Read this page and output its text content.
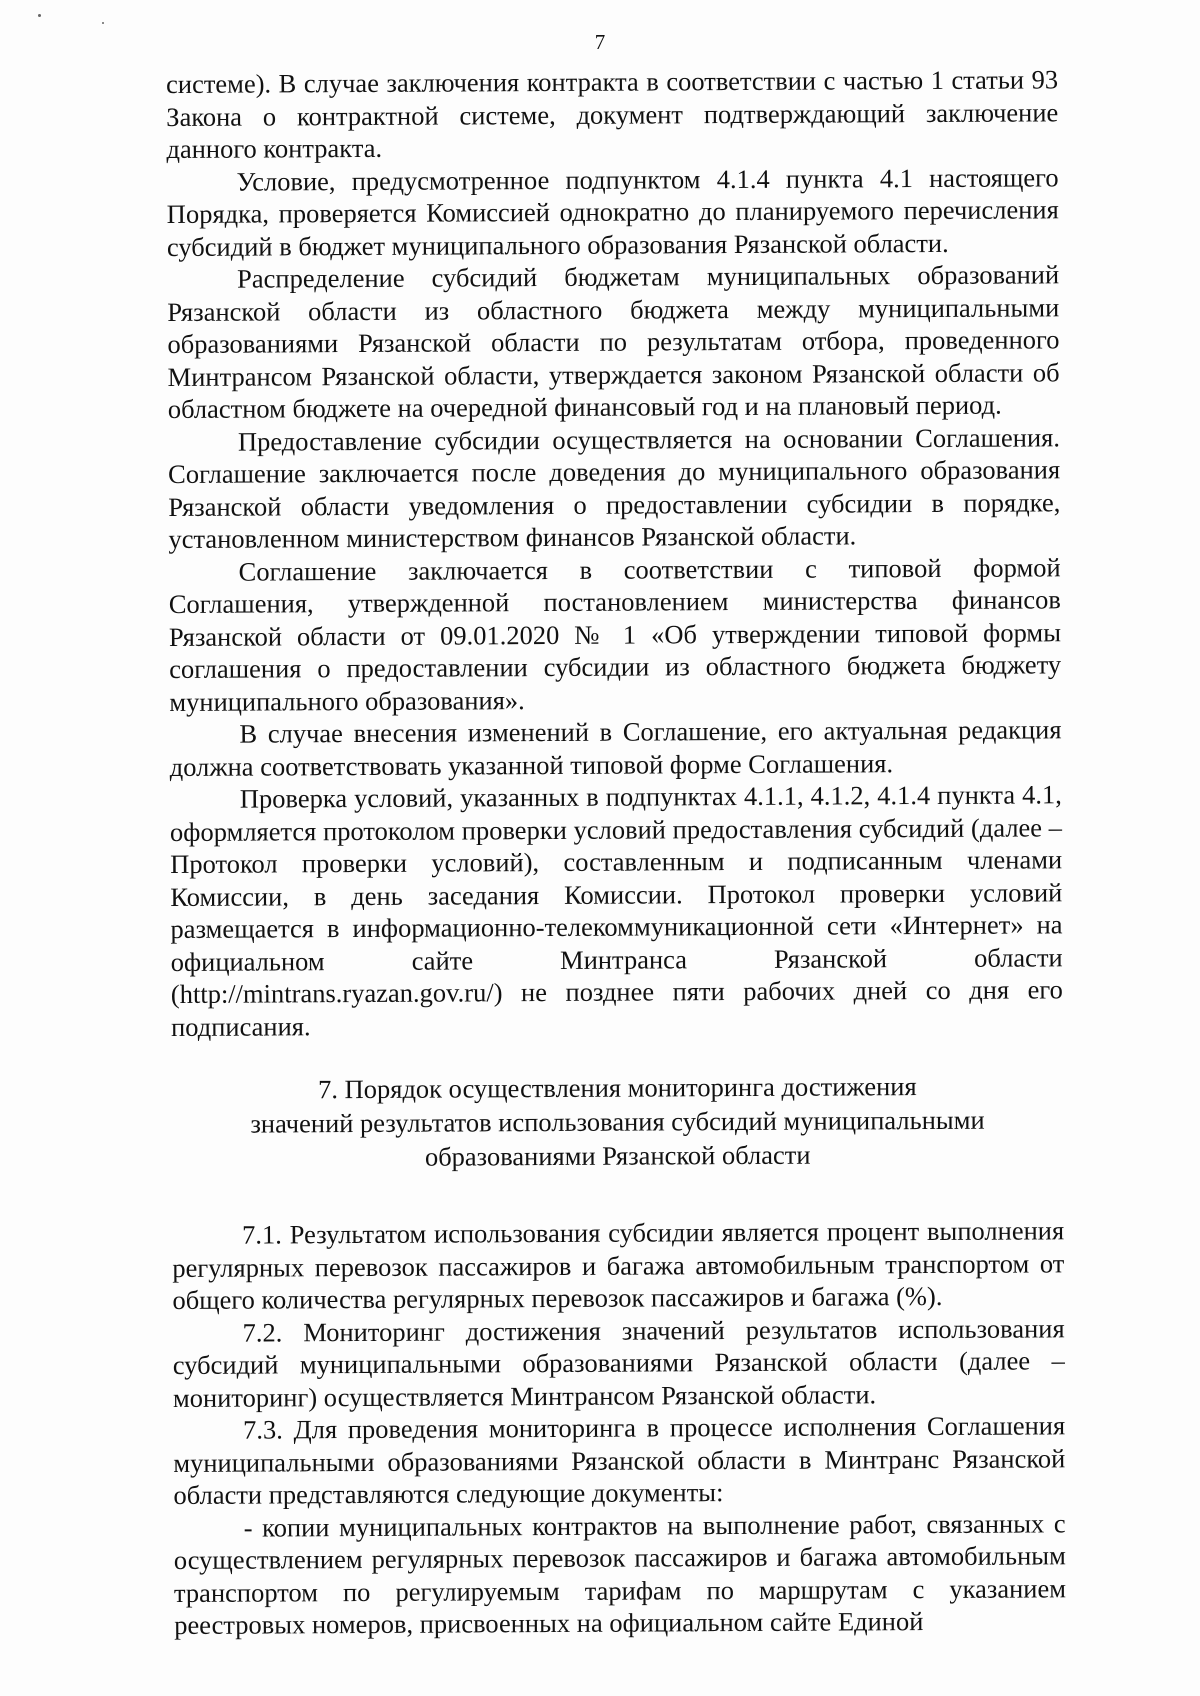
7

системе). В случае заключения контракта в соответствии с частью 1 статьи 93 Закона о контрактной системе, документ подтверждающий заключение данного контракта.

Условие, предусмотренное подпунктом 4.1.4 пункта 4.1 настоящего Порядка, проверяется Комиссией однократно до планируемого перечисления субсидий в бюджет муниципального образования Рязанской области.

Распределение субсидий бюджетам муниципальных образований Рязанской области из областного бюджета между муниципальными образованиями Рязанской области по результатам отбора, проведенного Минтрансом Рязанской области, утверждается законом Рязанской области об областном бюджете на очередной финансовый год и на плановый период.

Предоставление субсидии осуществляется на основании Соглашения. Соглашение заключается после доведения до муниципального образования Рязанской области уведомления о предоставлении субсидии в порядке, установленном министерством финансов Рязанской области.

Соглашение заключается в соответствии с типовой формой Соглашения, утвержденной постановлением министерства финансов Рязанской области от 09.01.2020 № 1 «Об утверждении типовой формы соглашения о предоставлении субсидии из областного бюджета бюджету муниципального образования».

В случае внесения изменений в Соглашение, его актуальная редакция должна соответствовать указанной типовой форме Соглашения.

Проверка условий, указанных в подпунктах 4.1.1, 4.1.2, 4.1.4 пункта 4.1, оформляется протоколом проверки условий предоставления субсидий (далее – Протокол проверки условий), составленным и подписанным членами Комиссии, в день заседания Комиссии. Протокол проверки условий размещается в информационно-телекоммуникационной сети «Интернет» на официальном сайте Минтранса Рязанской области (http://mintrans.ryazan.gov.ru/) не позднее пяти рабочих дней со дня его подписания.

7. Порядок осуществления мониторинга достижения
значений результатов использования субсидий муниципальными
образованиями Рязанской области

7.1. Результатом использования субсидии является процент выполнения регулярных перевозок пассажиров и багажа автомобильным транспортом от общего количества регулярных перевозок пассажиров и багажа (%).

7.2. Мониторинг достижения значений результатов использования субсидий муниципальными образованиями Рязанской области (далее – мониторинг) осуществляется Минтрансом Рязанской области.

7.3. Для проведения мониторинга в процессе исполнения Соглашения муниципальными образованиями Рязанской области в Минтранс Рязанской области представляются следующие документы:

- копии муниципальных контрактов на выполнение работ, связанных с осуществлением регулярных перевозок пассажиров и багажа автомобильным транспортом по регулируемым тарифам по маршрутам с указанием реестровых номеров, присвоенных на официальном сайте Единой
